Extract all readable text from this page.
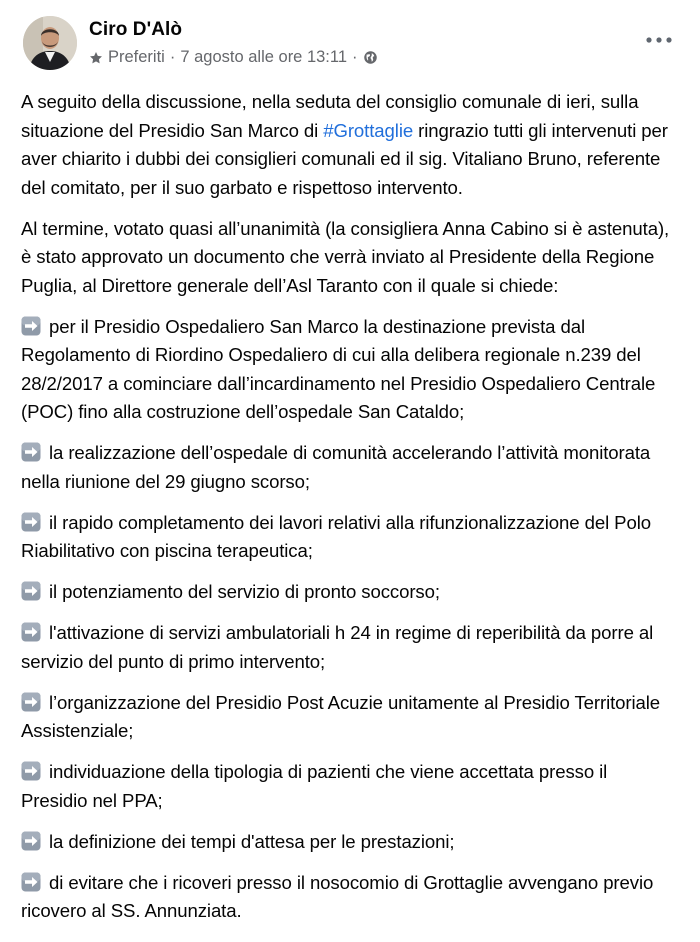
Ciro D'Alò
Preferiti · 7 agosto alle ore 13:11 ·

A seguito della discussione, nella seduta del consiglio comunale di ieri, sulla situazione del Presidio San Marco di #Grottaglie ringrazio tutti gli intervenuti per aver chiarito i dubbi dei consiglieri comunali ed il sig. Vitaliano Bruno, referente del comitato, per il suo garbato e rispettoso intervento.

Al termine, votato quasi all’unanimità (la consigliera Anna Cabino si è astenuta), è stato approvato un documento che verrà inviato al Presidente della Regione Puglia, al Direttore generale dell’Asl Taranto con il quale si chiede:

per il Presidio Ospedaliero San Marco la destinazione prevista dal Regolamento di Riordino Ospedaliero di cui alla delibera regionale n.239 del 28/2/2017 a cominciare dall’incardinamento nel Presidio Ospedaliero Centrale (POC) fino alla costruzione dell’ospedale San Cataldo;

la realizzazione dell’ospedale di comunità accelerando l’attività monitorata nella riunione del 29 giugno scorso;

il rapido completamento dei lavori relativi alla rifunzionalizzazione del Polo Riabilitativo con piscina terapeutica;

il potenziamento del servizio di pronto soccorso;

l'attivazione di servizi ambulatoriali h 24 in regime di reperibilità da porre al servizio del punto di primo intervento;

l’organizzazione del Presidio Post Acuzie unitamente al Presidio Territoriale Assistenziale;

individuazione della tipologia di pazienti che viene accettata presso il Presidio nel PPA;

la definizione dei tempi d'attesa per le prestazioni;

di evitare che i ricoveri presso il nosocomio di Grottaglie avvengano previo ricovero al SS. Annunziata.
